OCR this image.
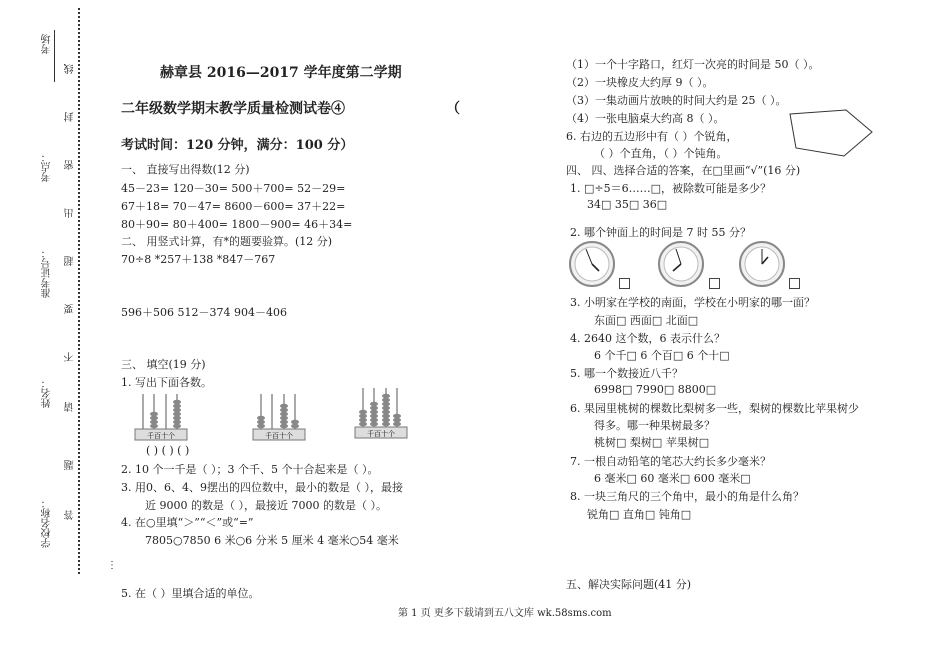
考场
考点：
准考证号：
姓名：
学校名称：
线
封
密
出
超
要
不
请
题
答
赫章县 2016—2017 学年度第二学期
二年级数学期末教学质量检测试卷④	（
考试时间：120 分钟，满分：100 分）
一、 直接写出得数(12 分)
45－23= 120－30= 500＋700= 52－29=
67＋18= 70－47= 8600－600= 37＋22=
80＋90= 80＋400= 1800－900= 46＋34=
二、 用竖式计算，有*的题要验算。(12 分)
70÷8 *257＋138 *847－767
596＋506 512－374 904－406
三、 填空(19 分)
1. 写出下面各数。
千百十个	千百十个	千百十个
( ) ( ) ( )
2. 10 个一千是（ ）；3 个千、5 个十合起来是（ ）。
3. 用0、6、4、9摆出的四位数中，最小的数是（ ），最接
近 9000 的数是（ ），最接近 7000 的数是（ ）。
4. 在○里填“＞”“＜”或“=”
7805○7850 6 米○6 分米 5 厘米 4 毫米○54 毫米
⋮
5. 在（ ）里填合适的单位。
（1）一个十字路口，红灯一次亮的时间是 50（ ）。
（2）一块橡皮大约厚 9（ ）。
（3）一集动画片放映的时间大约是 25（ ）。
（4）一张电脑桌大约高 8（ ）。
6. 右边的五边形中有（ ）个锐角，
（ ）个直角，（ ）个钝角。
四、 四、选择合适的答案，在□里画“√”(16 分)
1. □÷5＝6……□，被除数可能是多少？
34□ 35□ 36□
2. 哪个钟面上的时间是 7 时 55 分？
3. 小明家在学校的南面，学校在小明家的哪一面？
东面□ 西面□ 北面□
4. 2640 这个数，6 表示什么？
6 个千□ 6 个百□ 6 个十□
5. 哪一个数接近八千？
6998□ 7990□ 8800□
6. 果园里桃树的棵数比梨树多一些，梨树的棵数比苹果树少
得多。哪一种果树最多？
桃树□ 梨树□ 苹果树□
7. 一根自动铅笔的笔芯大约长多少毫米？
6 毫米□ 60 毫米□ 600 毫米□
8. 一块三角尺的三个角中，最小的角是什么角？
锐角□ 直角□ 钝角□
五、解决实际问题(41 分)
第 1 页 更多下载请到五八文库 wk.58sms.com
